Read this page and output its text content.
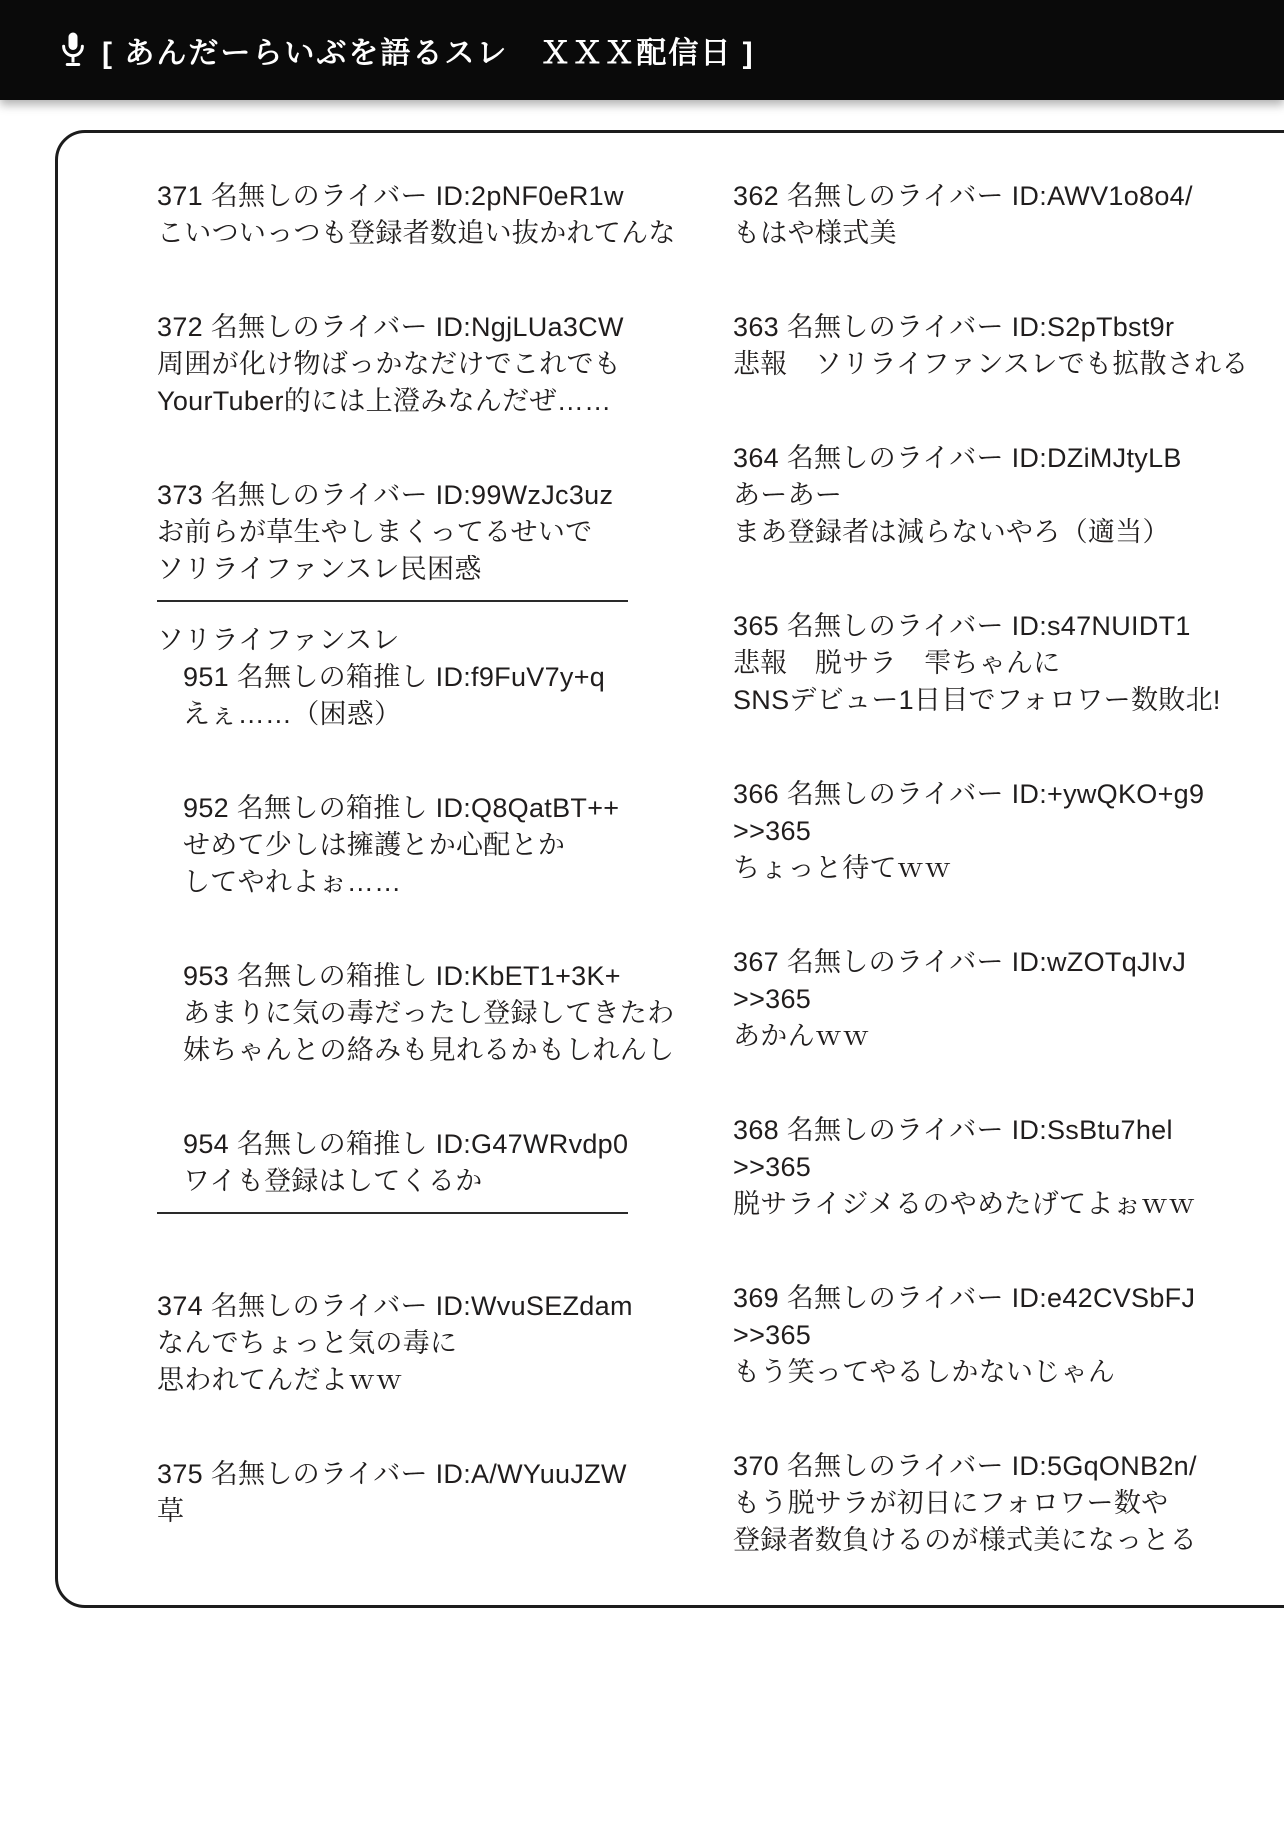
[ あんだーらいぶを語るスレ　ＸＸＸ配信日 ]
371 名無しのライバー ID:2pNF0eR1w
こいついっつも登録者数追い抜かれてんな
372 名無しのライバー ID:NgjLUa3CW
周囲が化け物ばっかなだけでこれでも
YourTuber的には上澄みなんだぜ……
373 名無しのライバー ID:99WzJc3uz
お前らが草生やしまくってるせいで
ソリライファンスレ民困惑
ソリライファンスレ
951 名無しの箱推し ID:f9FuV7y+q
えぇ……（困惑）
952 名無しの箱推し ID:Q8QatBT++
せめて少しは擁護とか心配とか
してやれよぉ……
953 名無しの箱推し ID:KbET1+3K+
あまりに気の毒だったし登録してきたわ
妹ちゃんとの絡みも見れるかもしれんし
954 名無しの箱推し ID:G47WRvdp0
ワイも登録はしてくるか
374 名無しのライバー ID:WvuSEZdam
なんでちょっと気の毒に
思われてんだよｗｗ
375 名無しのライバー ID:A/WYuuJZW
草
362 名無しのライバー ID:AWV1o8o4/
もはや様式美
363 名無しのライバー ID:S2pTbst9r
悲報　ソリライファンスレでも拡散される
364 名無しのライバー ID:DZiMJtyLB
あーあー
まあ登録者は減らないやろ（適当）
365 名無しのライバー ID:s47NUIDT1
悲報　脱サラ　雫ちゃんに
SNSデビュー1日目でフォロワー数敗北!
366 名無しのライバー ID:+ywQKO+g9
>>365
ちょっと待てｗｗ
367 名無しのライバー ID:wZOTqJIvJ
>>365
あかんｗｗ
368 名無しのライバー ID:SsBtu7hel
>>365
脱サライジメるのやめたげてよぉｗｗ
369 名無しのライバー ID:e42CVSbFJ
>>365
もう笑ってやるしかないじゃん
370 名無しのライバー ID:5GqONB2n/
もう脱サラが初日にフォロワー数や
登録者数負けるのが様式美になっとる
